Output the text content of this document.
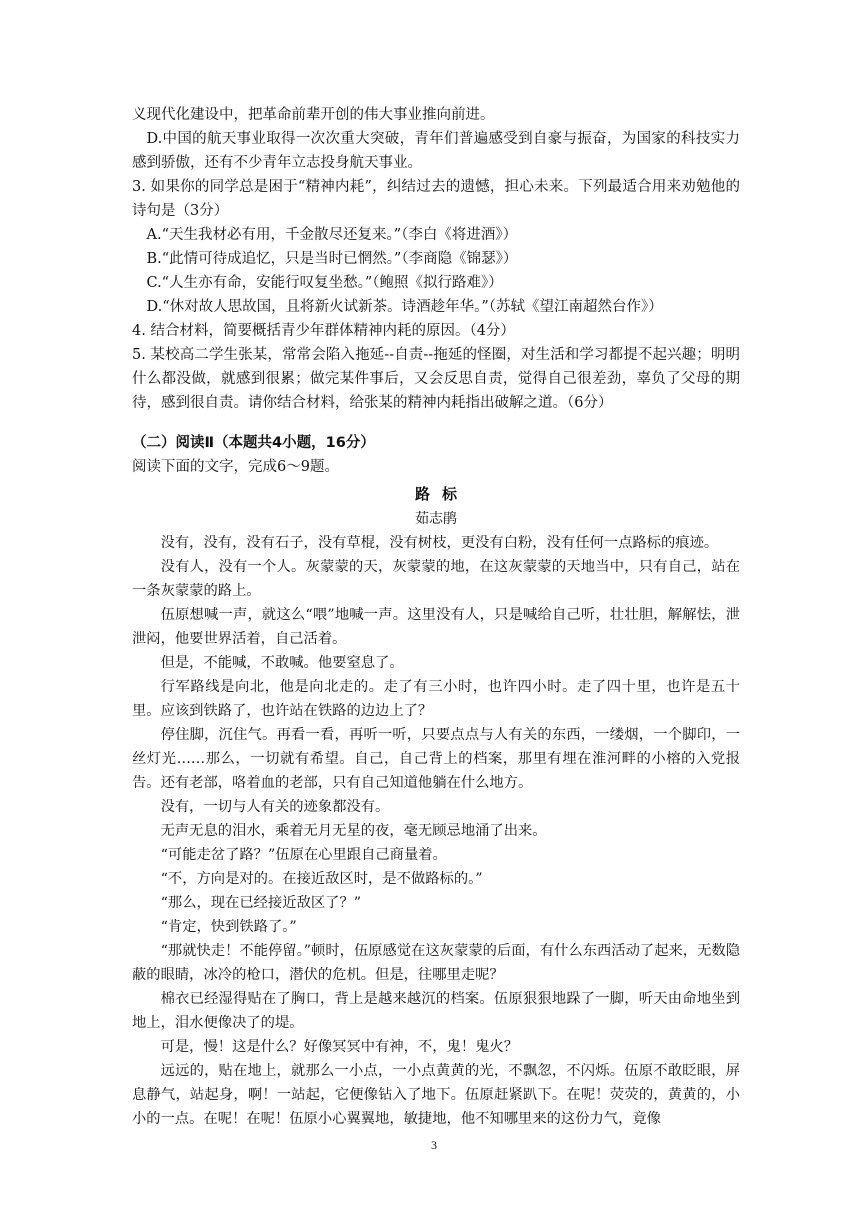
义现代化建设中，把革命前辈开创的伟大事业推向前进。

D.中国的航天事业取得一次次重大突破，青年们普遍感受到自豪与振奋，为国家的科技实力感到骄傲，还有不少青年立志投身航天事业。

3. 如果你的同学总是困于“精神内耗”，纠结过去的遗憾，担心未来。下列最适合用来劝勉他的诗句是（3分）

A.“天生我材必有用，千金散尽还复来。”（李白《将进酒》）

B.“此情可待成追忆，只是当时已惘然。”（李商隐《锦瑟》）

C.“人生亦有命，安能行叹复坐愁。”（鲍照《拟行路难》）

D.“休对故人思故国，且将新火试新茶。诗酒趁年华。”（苏轼《望江南超然台作》）

4. 结合材料，简要概括青少年群体精神内耗的原因。（4分）

5. 某校高二学生张某，常常会陷入拖延--自责--拖延的怪圈，对生活和学习都提不起兴趣；明明什么都没做，就感到很累；做完某件事后，又会反思自责，觉得自己很差劲，辜负了父母的期待，感到很自责。请你结合材料，给张某的精神内耗指出破解之道。（6分）

（二）阅读Ⅱ（本题共4小题，16分）

阅读下面的文字，完成6～9题。

路标

茹志鹃

没有，没有，没有石子，没有草棍，没有树枝，更没有白粉，没有任何一点路标的痕迹。

没有人，没有一个人。灰蒙蒙的天，灰蒙蒙的地，在这灰蒙蒙的天地当中，只有自己，站在一条灰蒙蒙的路上。

伍原想喊一声，就这么“喂”地喊一声。这里没有人，只是喊给自己听，壮壮胆，解解怯，泄泄闷，他要世界活着，自己活着。

但是，不能喊，不敢喊。他要窒息了。

行军路线是向北，他是向北走的。走了有三小时，也许四小时。走了四十里，也许是五十里。应该到铁路了，也许站在铁路的边边上了？

停住脚，沉住气。再看一看，再听一听，只要点点与人有关的东西，一缕烟，一个脚印，一丝灯光……那么，一切就有希望。自己，自己背上的档案，那里有埋在淮河畔的小榕的入党报告。还有老部，咯着血的老部，只有自己知道他躺在什么地方。

没有，一切与人有关的迹象都没有。

无声无息的泪水，乘着无月无星的夜，毫无顾忌地涌了出来。

“可能走岔了路？”伍原在心里跟自己商量着。

“不，方向是对的。在接近敌区时，是不做路标的。”

“那么，现在已经接近敌区了？”

“肯定，快到铁路了。”

“那就快走！不能停留。”顿时，伍原感觉在这灰蒙蒙的后面，有什么东西活动了起来，无数隐蔽的眼睛，冰冷的枪口，潜伏的危机。但是，往哪里走呢？

棉衣已经湿得贴在了胸口，背上是越来越沉的档案。伍原狠狠地跺了一脚，听天由命地坐到地上，泪水便像决了的堤。

可是，慢！这是什么？好像冥冥中有神，不，鬼！鬼火？

远远的，贴在地上，就那么一小点，一小点黄黄的光，不飘忽，不闪烁。伍原不敢眨眼，屏息静气，站起身，啊！一站起，它便像钻入了地下。伍原赶紧趴下。在呢！荧荧的，黄黄的，小小的一点。在呢！在呢！伍原小心翼翼地，敏捷地，他不知哪里来的这份力气，竟像

3
